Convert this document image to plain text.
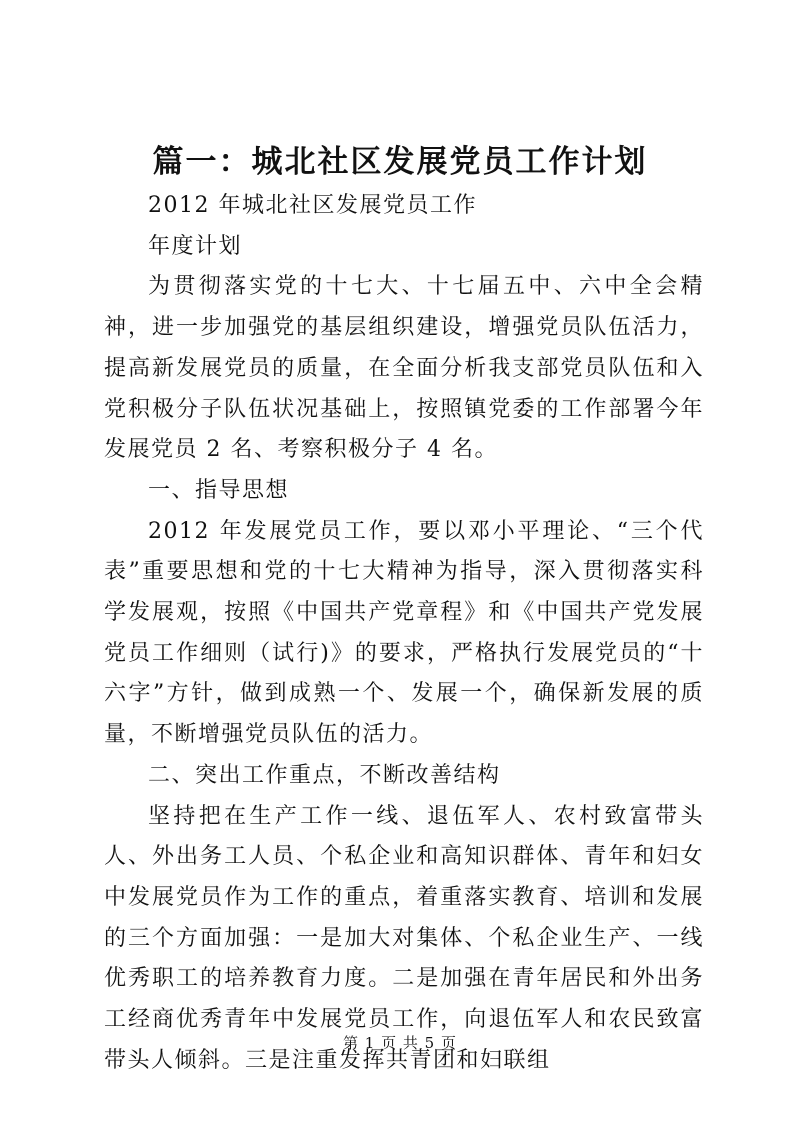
篇一：城北社区发展党员工作计划

2012 年城北社区发展党员工作

年度计划

为贯彻落实党的十七大、十七届五中、六中全会精神，进一步加强党的基层组织建设，增强党员队伍活力，提高新发展党员的质量，在全面分析我支部党员队伍和入党积极分子队伍状况基础上，按照镇党委的工作部署今年发展党员 2 名、考察积极分子 4 名。

一、指导思想

2012 年发展党员工作，要以邓小平理论、“三个代表”重要思想和党的十七大精神为指导，深入贯彻落实科学发展观，按照《中国共产党章程》和《中国共产党发展党员工作细则（试行)》的要求，严格执行发展党员的“十六字”方针，做到成熟一个、发展一个，确保新发展的质量，不断增强党员队伍的活力。

二、突出工作重点，不断改善结构

坚持把在生产工作一线、退伍军人、农村致富带头人、外出务工人员、个私企业和高知识群体、青年和妇女中发展党员作为工作的重点，着重落实教育、培训和发展的三个方面加强：一是加大对集体、个私企业生产、一线优秀职工的培养教育力度。二是加强在青年居民和外出务工经商优秀青年中发展党员工作，向退伍军人和农民致富带头人倾斜。三是注重发挥共青团和妇联组

第 1 页 共 5 页
